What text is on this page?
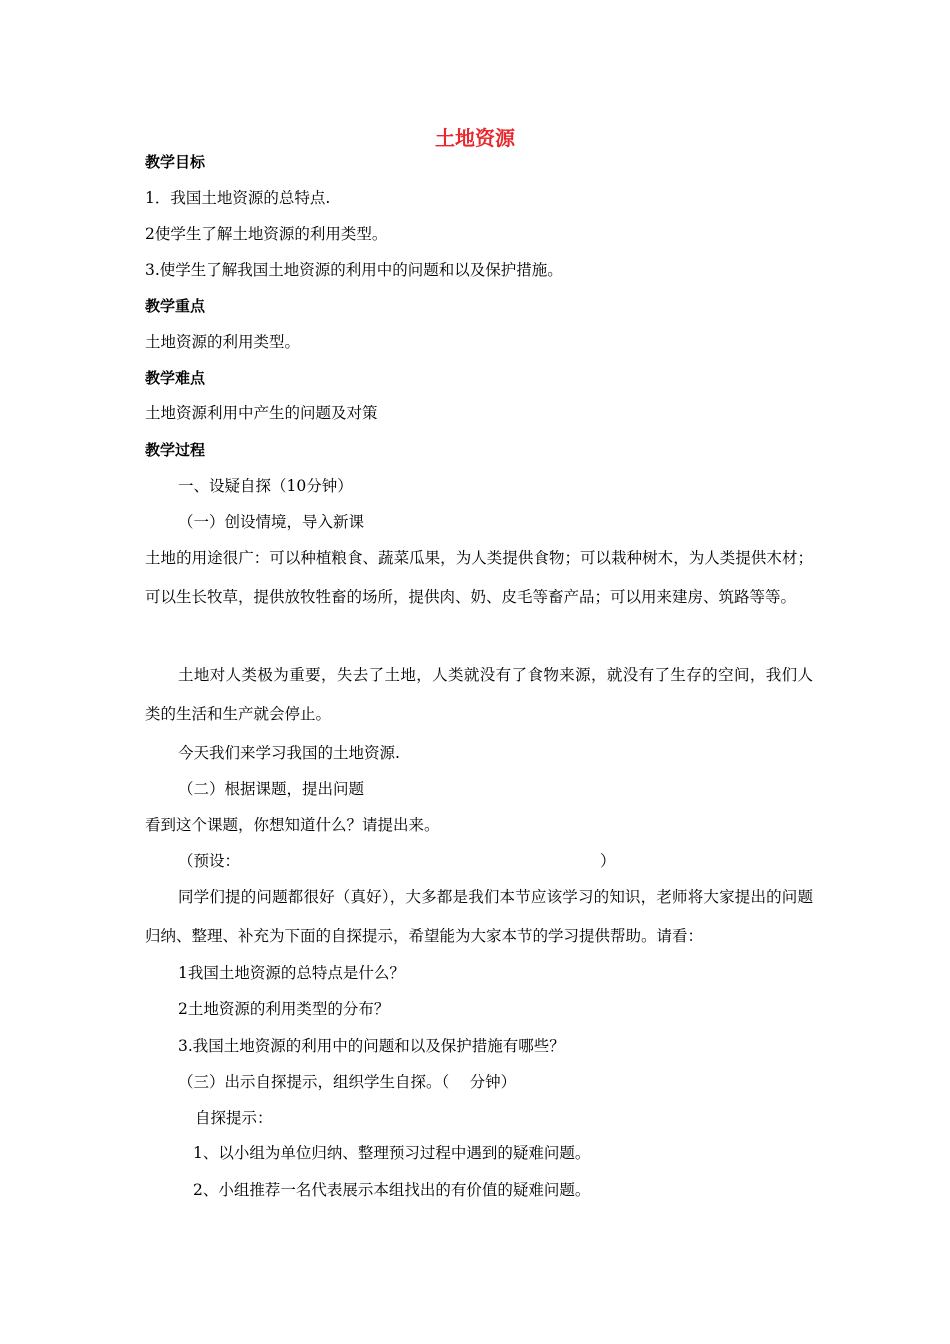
土地资源
教学目标
1．我国土地资源的总特点.
2使学生了解土地资源的利用类型。
3.使学生了解我国土地资源的利用中的问题和以及保护措施。
教学重点
土地资源的利用类型。
教学难点
土地资源利用中产生的问题及对策
教学过程
一、设疑自探（10分钟）
（一）创设情境，导入新课
土地的用途很广：可以种植粮食、蔬菜瓜果，为人类提供食物；可以栽种树木，为人类提供木材；可以生长牧草，提供放牧牲畜的场所，提供肉、奶、皮毛等畜产品；可以用来建房、筑路等等。
土地对人类极为重要，失去了土地，人类就没有了食物来源，就没有了生存的空间，我们人类的生活和生产就会停止。
今天我们来学习我国的土地资源.
（二）根据课题，提出问题
看到这个课题，你想知道什么？请提出来。
（预设：	）
同学们提的问题都很好（真好），大多都是我们本节应该学习的知识，老师将大家提出的问题归纳、整理、补充为下面的自探提示，希望能为大家本节的学习提供帮助。请看：
1我国土地资源的总特点是什么？
2土地资源的利用类型的分布？
3.我国土地资源的利用中的问题和以及保护措施有哪些？
（三）出示自探提示，组织学生自探。（　 分钟）
自探提示：
1、以小组为单位归纳、整理预习过程中遇到的疑难问题。
2、小组推荐一名代表展示本组找出的有价值的疑难问题。
